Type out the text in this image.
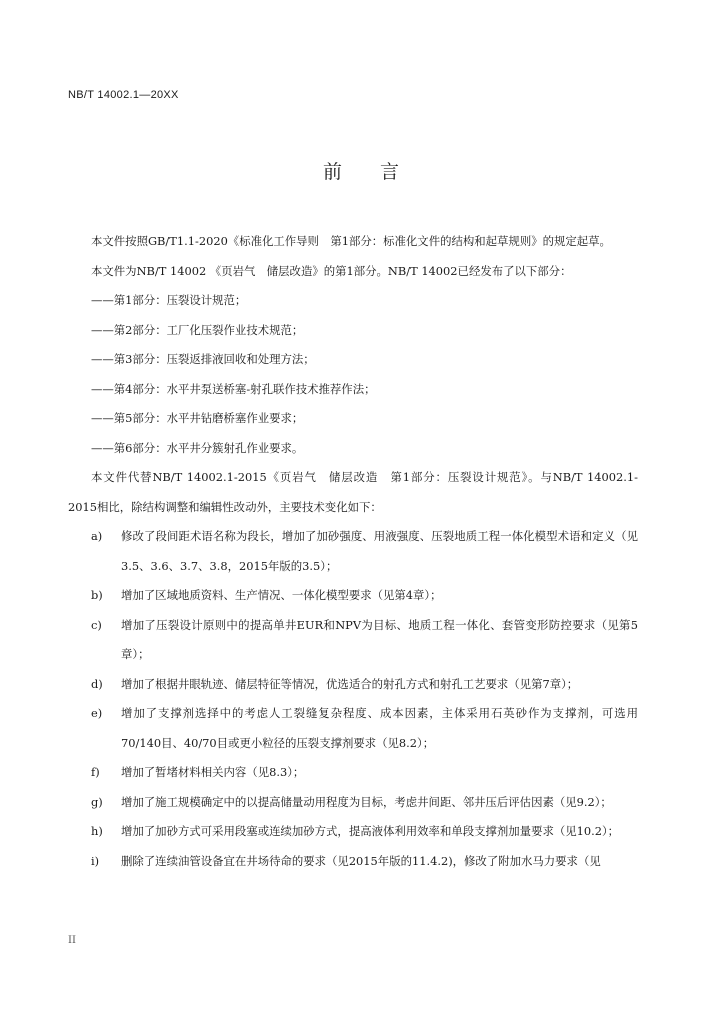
NB/T 14002.1—20XX
前 言

本文件按照GB/T1.1-2020《标准化工作导则　第1部分：标准化文件的结构和起草规则》的规定起草。

本文件为NB/T 14002 《页岩气　储层改造》的第1部分。NB/T 14002已经发布了以下部分：

——第1部分：压裂设计规范；

——第2部分：工厂化压裂作业技术规范；

——第3部分：压裂返排液回收和处理方法；

——第4部分：水平井泵送桥塞-射孔联作技术推荐作法；

——第5部分：水平井钻磨桥塞作业要求；

——第6部分：水平井分簇射孔作业要求。

本文件代替NB/T 14002.1-2015《页岩气　储层改造　第1部分：压裂设计规范》。与NB/T 14002.1-2015相比，除结构调整和编辑性改动外，主要技术变化如下：

a)	修改了段间距术语名称为段长，增加了加砂强度、用液强度、压裂地质工程一体化模型术语和定义（见3.5、3.6、3.7、3.8，2015年版的3.5）；
b)	增加了区域地质资料、生产情况、一体化模型要求（见第4章）；
c)	增加了压裂设计原则中的提高单井EUR和NPV为目标、地质工程一体化、套管变形防控要求（见第5章）；
d)	增加了根据井眼轨迹、储层特征等情况，优选适合的射孔方式和射孔工艺要求（见第7章）；
e)	增加了支撑剂选择中的考虑人工裂缝复杂程度、成本因素，主体采用石英砂作为支撑剂，可选用70/140目、40/70目或更小粒径的压裂支撑剂要求（见8.2）；
f)	增加了暂堵材料相关内容（见8.3）；
g)	增加了施工规模确定中的以提高储量动用程度为目标，考虑井间距、邻井压后评估因素（见9.2）；
h)	增加了加砂方式可采用段塞或连续加砂方式，提高液体利用效率和单段支撑剂加量要求（见10.2）；
i)	删除了连续油管设备宜在井场待命的要求（见2015年版的11.4.2)，修改了附加水马力要求（见
II
